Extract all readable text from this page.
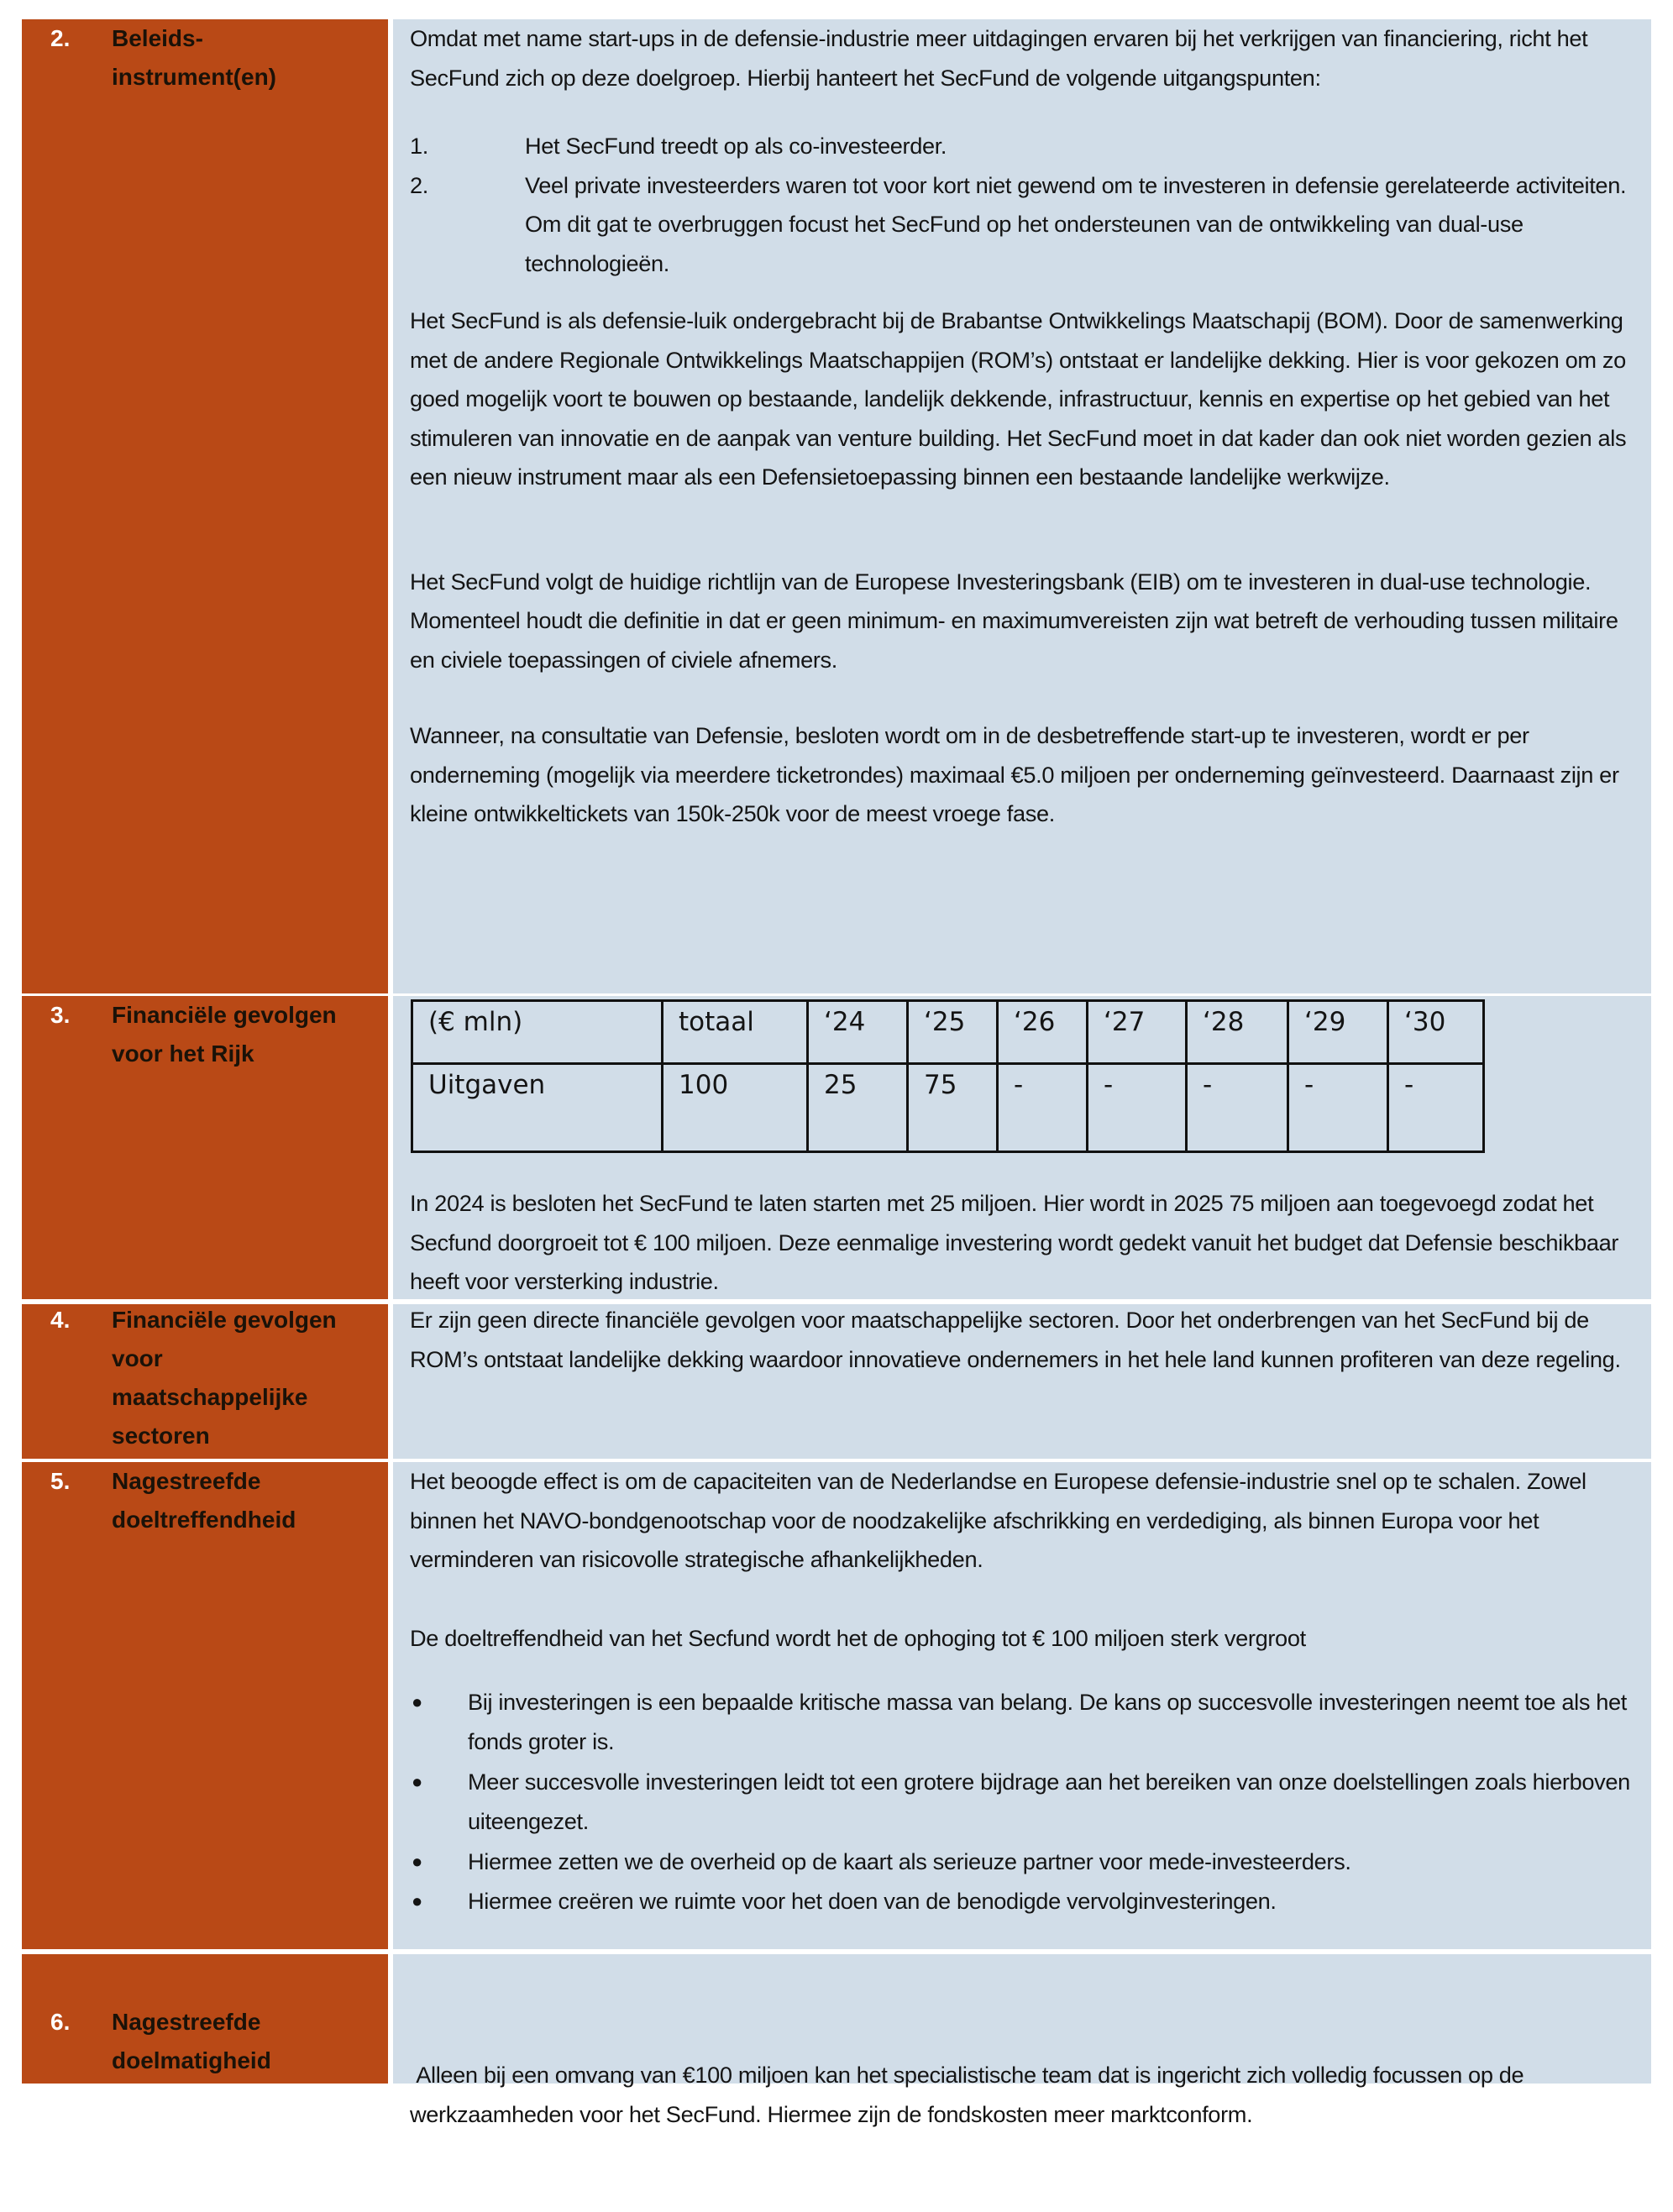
2. Beleids-
instrument(en)

Omdat met name start-ups in de defensie-industrie meer uitdagingen ervaren bij het verkrijgen van financiering, richt het SecFund zich op deze doelgroep. Hierbij hanteert het SecFund de volgende uitgangspunten:

1.	Het SecFund treedt op als co-investeerder.
2.	Veel private investeerders waren tot voor kort niet gewend om te investeren in defensie gerelateerde activiteiten. Om dit gat te overbruggen focust het SecFund op het ondersteunen van de ontwikkeling van dual-use technologieën.

Het SecFund is als defensie-luik ondergebracht bij de Brabantse Ontwikkelings Maatschapij (BOM). Door de samenwerking met de andere Regionale Ontwikkelings Maatschappijen (ROM’s) ontstaat er landelijke dekking. Hier is voor gekozen om zo goed mogelijk voort te bouwen op bestaande, landelijk dekkende, infrastructuur, kennis en expertise op het gebied van het stimuleren van innovatie en de aanpak van venture building. Het SecFund moet in dat kader dan ook niet worden gezien als een nieuw instrument maar als een Defensietoepassing binnen een bestaande landelijke werkwijze.

Het SecFund volgt de huidige richtlijn van de Europese Investeringsbank (EIB) om te investeren in dual-use technologie. Momenteel houdt die definitie in dat er geen minimum- en maximumvereisten zijn wat betreft de verhouding tussen militaire en civiele toepassingen of civiele afnemers.

Wanneer, na consultatie van Defensie, besloten wordt om in de desbetreffende start-up te investeren, wordt er per onderneming (mogelijk via meerdere ticketrondes) maximaal €5.0 miljoen per onderneming geïnvesteerd. Daarnaast zijn er kleine ontwikkeltickets van 150k-250k voor de meest vroege fase.

3. Financiële gevolgen
voor het Rijk
(€ mln)	totaal	‘24	‘25	‘26	‘27	‘28	‘29	‘30
Uitgaven	100	25	75	-	-	-	-	-

In 2024 is besloten het SecFund te laten starten met 25 miljoen. Hier wordt in 2025 75 miljoen aan toegevoegd zodat het Secfund doorgroeit tot € 100 miljoen. Deze eenmalige investering wordt gedekt vanuit het budget dat Defensie beschikbaar heeft voor versterking industrie.

4. Financiële gevolgen
voor
maatschappelijke
sectoren

Er zijn geen directe financiële gevolgen voor maatschappelijke sectoren. Door het onderbrengen van het SecFund bij de ROM’s ontstaat landelijke dekking waardoor innovatieve ondernemers in het hele land kunnen profiteren van deze regeling.

5. Nagestreefde
doeltreffendheid

Het beoogde effect is om de capaciteiten van de Nederlandse en Europese defensie-industrie snel op te schalen. Zowel binnen het NAVO-bondgenootschap voor de noodzakelijke afschrikking en verdediging, als binnen Europa voor het verminderen van risicovolle strategische afhankelijkheden.

De doeltreffendheid van het Secfund wordt het de ophoging tot € 100 miljoen sterk vergroot

● Bij investeringen is een bepaalde kritische massa van belang. De kans op succesvolle investeringen neemt toe als het fonds groter is.
● Meer succesvolle investeringen leidt tot een grotere bijdrage aan het bereiken van onze doelstellingen zoals hierboven uiteengezet.
● Hiermee zetten we de overheid op de kaart als serieuze partner voor mede-investeerders.
● Hiermee creëren we ruimte voor het doen van de benodigde vervolginvesteringen.
6. Nagestreefde
doelmatigheid

Alleen bij een omvang van €100 miljoen kan het specialistische team dat is ingericht zich volledig focussen op de werkzaamheden voor het SecFund. Hiermee zijn de fondskosten meer marktconform.
